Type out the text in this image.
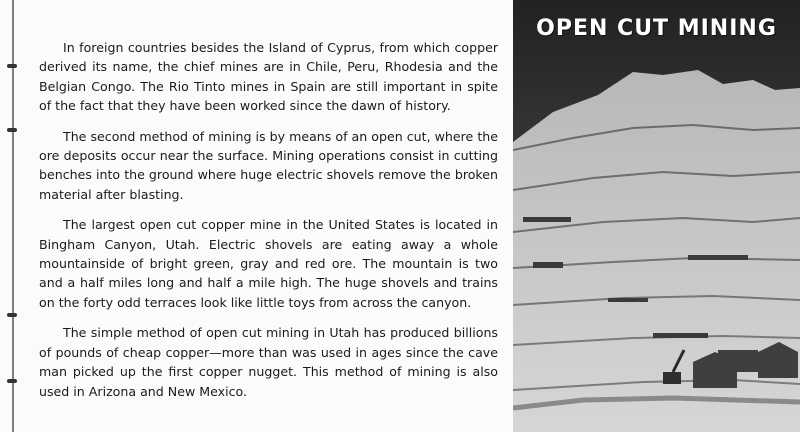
In foreign countries besides the Island of Cyprus, from which copper derived its name, the chief mines are in Chile, Peru, Rhodesia and the Belgian Congo. The Rio Tinto mines in Spain are still important in spite of the fact that they have been worked since the dawn of history.

The second method of mining is by means of an open cut, where the ore deposits occur near the surface. Mining operations consist in cutting benches into the ground where huge electric shovels remove the broken material after blasting.

The largest open cut copper mine in the United States is located in Bingham Canyon, Utah. Electric shovels are eating away a whole mountainside of bright green, gray and red ore. The mountain is two and a half miles long and half a mile high. The huge shovels and trains on the forty odd terraces look like little toys from across the canyon.

The simple method of open cut mining in Utah has produced billions of pounds of cheap copper—more than was used in ages since the cave man picked up the first copper nugget. This method of mining is also used in Arizona and New Mexico.

OPEN CUT MINING
